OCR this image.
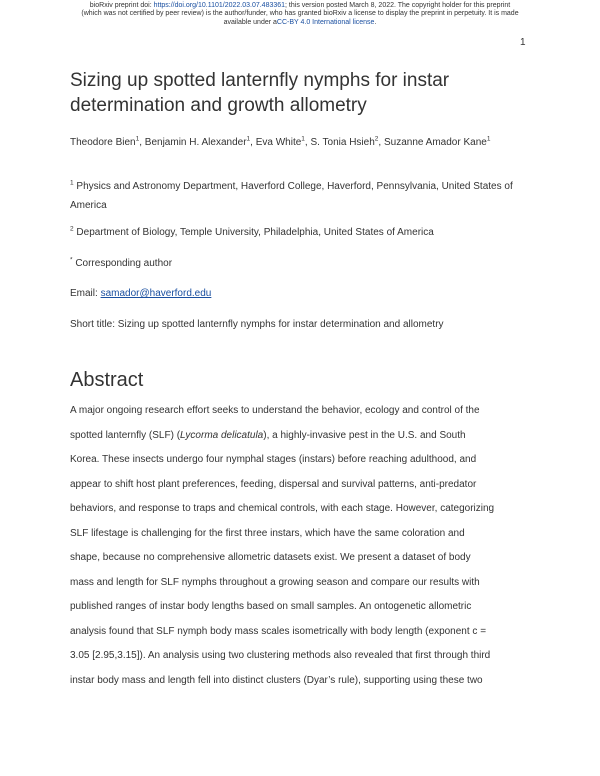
bioRxiv preprint doi: https://doi.org/10.1101/2022.03.07.483361; this version posted March 8, 2022. The copyright holder for this preprint
(which was not certified by peer review) is the author/funder, who has granted bioRxiv a license to display the preprint in perpetuity. It is made
available under aCC-BY 4.0 International license.
1
Sizing up spotted lanternfly nymphs for instar determination and growth allometry
Theodore Bien$^1$, Benjamin H. Alexander$^1$, Eva White$^1$, S. Tonia Hsieh$^2$, Suzanne Amador Kane$^1$
$^1$ Physics and Astronomy Department, Haverford College, Haverford, Pennsylvania, United States of America
$^2$ Department of Biology, Temple University, Philadelphia, United States of America
* Corresponding author
Email: samador@haverford.edu
Short title: Sizing up spotted lanternfly nymphs for instar determination and allometry
Abstract
A major ongoing research effort seeks to understand the behavior, ecology and control of the
spotted lanternfly (SLF) (Lycorma delicatula), a highly-invasive pest in the U.S. and South
Korea. These insects undergo four nymphal stages (instars) before reaching adulthood, and
appear to shift host plant preferences, feeding, dispersal and survival patterns, anti-predator
behaviors, and response to traps and chemical controls, with each stage. However, categorizing
SLF lifestage is challenging for the first three instars, which have the same coloration and
shape, because no comprehensive allometric datasets exist. We present a dataset of body
mass and length for SLF nymphs throughout a growing season and compare our results with
published ranges of instar body lengths based on small samples. An ontogenetic allometric
analysis found that SLF nymph body mass scales isometrically with body length (exponent c =
3.05 [2.95,3.15]). An analysis using two clustering methods also revealed that first through third
instar body mass and length fell into distinct clusters (Dyar’s rule), supporting using these two
